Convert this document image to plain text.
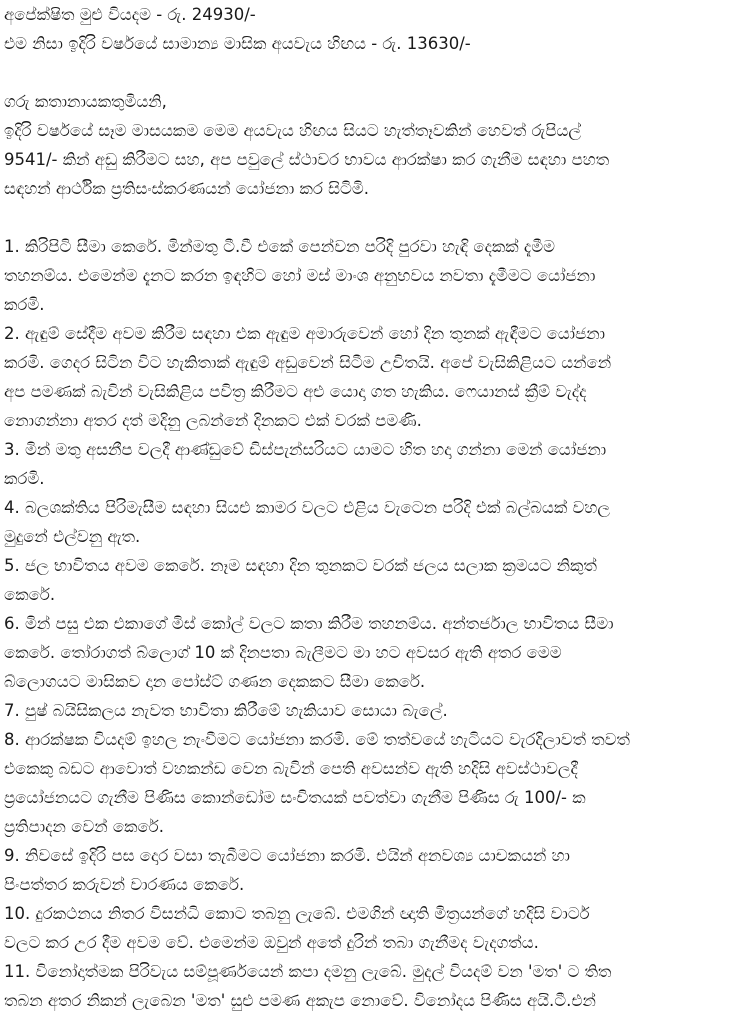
අපේක්ෂිත මුළු වියදම - රු. 24930/-
එම නිසා ඉදිරි වර්ෂයේ සාමාන්‍ය මාසික අයවැය හිඟය - රු. 13630/-
ගරු කතානායකතුමියනි,
ඉදිරි වර්ෂයේ සෑම මාසයකම මෙම අයවැය හිඟය සියට හැත්තෑවකින් හෙවත් රුපියල්
9541/- කින් අඩු කිරීමට සහ, අප පවුලේ ස්ථාවර භාවය ආරක්ෂා කර ගැනීම සඳහා පහත
සඳහන් ආර්ථික ප්‍රතිසංස්කරණයන් යෝජනා කර සිටිමි.
1. කිරිපිටි සීමා කෙරේ. මින්මතු ටී.වී එකේ පෙන්වන පරිදි පුරවා හැඳි දෙකක් දැමීම
තහනම්ය. එමෙන්ම දැනට කරන ඉඳහිට හෝ මස් මාංශ අනුභවය නවතා දැමීමට යෝජනා
කරමි.
2. ඇඳුම් සේදීම අවම කිරීම සඳහා එක ඇඳුම අමාරුවෙන් හෝ දින තුනක් ඇඳීමට යෝජනා
කරමි. ගෙදර සිටින විට හැකිතාක් ඇඳුම් අඩුවෙන් සිටීම උචිතයි. අපේ වැසිකිළියට යන්නේ
අප පමණක් බැවින් වැසිකිළිය පවිත්‍ර කිරීමට අළු යොදා ගත හැකිය. ෆෙයානස් ක්‍රීම් වැද්ද
නොගන්නා අතර දත් මදිනු ලබන්නේ දිනකට එක් වරක් පමණි.
3. මින් මතු අසනීප වලදී ආණ්ඩුවේ ඩිස්පැන්සරියට යාමට හිත හදා ගන්නා මෙන් යෝජනා
කරමි.
4. බලශක්තිය පිරිමැසීම සඳහා සියළු කාමර වලට එළිය වැටෙන පරිදි එක් බල්බයක් වහල
මුදුනේ එල්වනු ඇත.
5. ජල භාවිතය අවම කෙරේ. නෑම සඳහා දින තුනකට වරක් ජලය සලාක ක්‍රමයට නිකුත්
කෙරේ.
6. මින් පසු එක එකාගේ මිස් කෝල් වලට කතා කිරීම තහනම්ය. අන්තර්ජාල භාවිතය සීමා
කෙරේ. තෝරාගත් බ්ලොග් 10 ක් දිනපතා බැලීමට මා හට අවසර ඇති අතර මෙම
බ්ලොගයට මාසිකව දාන පෝස්ට් ගණන දෙකකට සීමා කෙරේ.
7. පුෂ් බයිසිකලය නැවත භාවිතා කිරීමේ හැකියාව සොයා බැලේ.
8. ආරක්ෂක වියදම් ඉහල නැංවීමට යෝජනා කරමි. මේ තත්වයේ හැටියට වැරදිලාවත් තවත්
එකෙකු බඩට ආවොත් වහකන්ඩ වෙන බැවින් පෙති අවසන්ව ඇති හදිසි අවස්ථාවලදී
ප්‍රයෝජනයට ගැනීම පිණිස කොන්ඩෝම සංචිතයක් පවත්වා ගැනීම පිණිස රු 100/- ක
ප්‍රතිපාදන වෙන් කෙරේ.
9. නිවසේ ඉදිරි පස දොර වසා තැබීමට යෝජනා කරමි. එයින් අනවශ්‍ය යාචකයන් හා
පිංපත්තර කරුවන් වාරණය කෙරේ.
10. දුරකථනය නිතර විසන්ධි කොට තබනු ලැබේ. එමගින් ඥාති මිත්‍රයන්ගේ හදිසි වාටර්
වලට කර උර දීම අවම වේ. එමෙන්ම ඔවුන් අතේ දුරින් තබා ගැනීමද වැදගත්ය.
11. විනෝදාත්මක පිරිවැය සම්පූර්ණයෙන් කපා දමනු ලැබේ. මුදල් වියදම් වන 'මත' ට තිත
තබන අතර නිකන් ලැබෙන 'මත' සුළු පමණ අකැප නොවේ. විනෝදය පිණිස අයි.ටී.එන්
